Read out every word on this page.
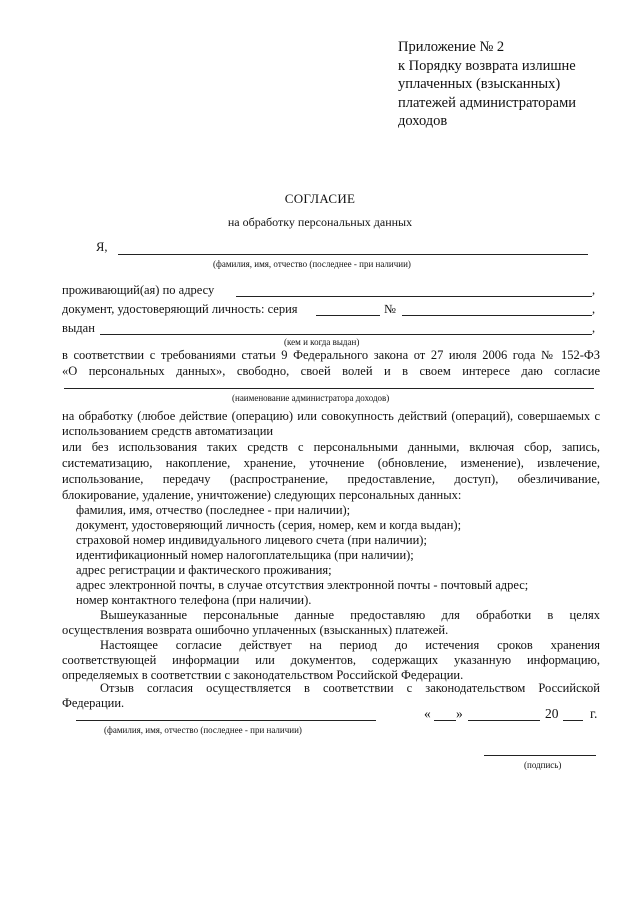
Приложение № 2
к Порядку возврата излишне
уплаченных (взысканных)
платежей администраторами
доходов
СОГЛАСИЕ
на обработку персональных данных
Я,
(фамилия, имя, отчество (последнее - при наличии)
проживающий(ая) по адресу	,
документ, удостоверяющий личность: серия	№	,
выдан	,
(кем и когда выдан)
в соответствии с требованиями статьи 9 Федерального закона от 27 июля 2006 года № 152-ФЗ
«О персональных данных», свободно, своей волей и в своем интересе даю согласие
(наименование администратора доходов)
на обработку (любое действие (операцию) или совокупность действий (операций), совершаемых с использованием средств автоматизации
или без использования таких средств с персональными данными, включая сбор, запись,
систематизацию, накопление, хранение, уточнение (обновление, изменение), извлечение,
использование, передачу (распространение, предоставление, доступ), обезличивание,
блокирование, удаление, уничтожение) следующих персональных данных:
фамилия, имя, отчество (последнее - при наличии);
документ, удостоверяющий личность (серия, номер, кем и когда выдан);
страховой номер индивидуального лицевого счета (при наличии);
идентификационный номер налогоплательщика (при наличии);
адрес регистрации и фактического проживания;
адрес электронной почты, в случае отсутствия электронной почты - почтовый адрес;
номер контактного телефона (при наличии).
Вышеуказанные персональные данные предоставляю для обработки в целях
осуществления возврата ошибочно уплаченных (взысканных) платежей.
Настоящее согласие действует на период до истечения сроков хранения
соответствующей информации или документов, содержащих указанную информацию,
определяемых в соответствии с законодательством Российской Федерации.
Отзыв согласия осуществляется в соответствии с законодательством Российской
Федерации.
(фамилия, имя, отчество (последнее - при наличии)
« »	20 г.
(подпись)
